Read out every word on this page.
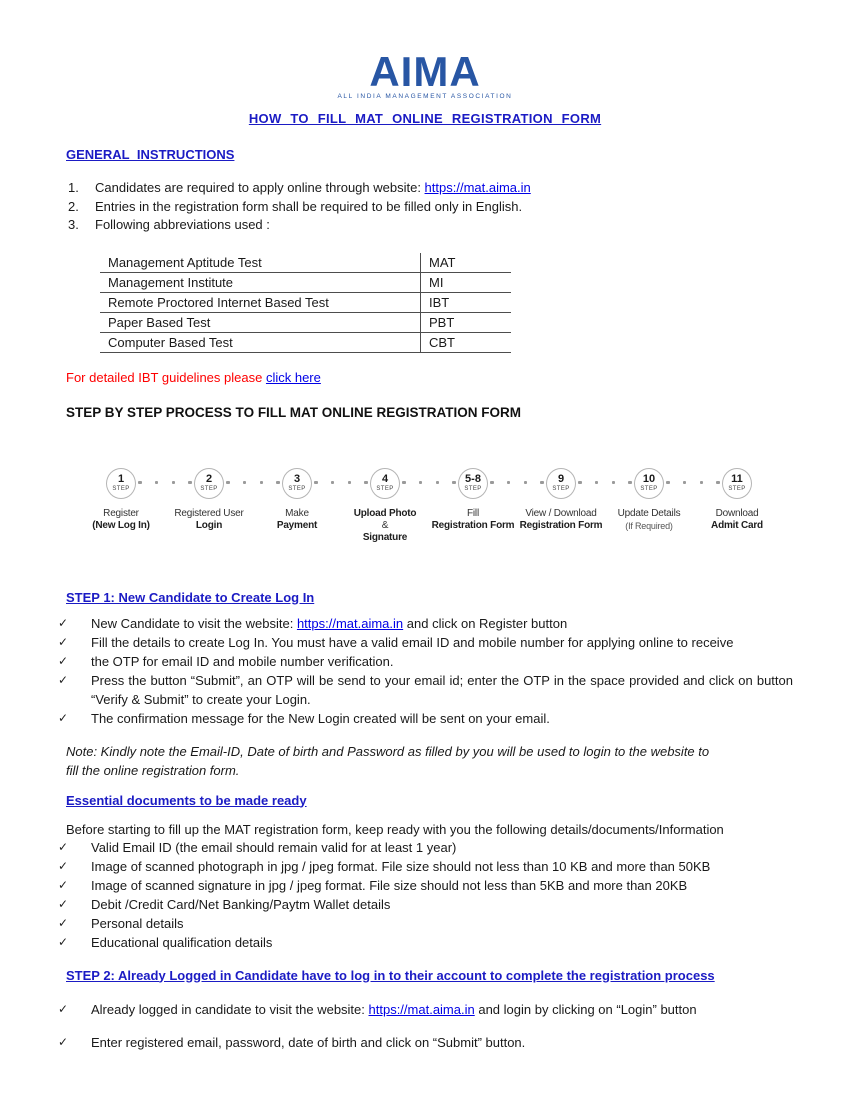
AIMA
ALL INDIA MANAGEMENT ASSOCIATION
HOW TO FILL MAT ONLINE REGISTRATION FORM
GENERAL INSTRUCTIONS
1.	Candidates are required to apply online through website: https://mat.aima.in
2.	Entries in the registration form shall be required to be filled only in English.
3.	Following abbreviations used :
Management Aptitude Test	MAT
Management Institute	MI
Remote Proctored Internet Based Test	IBT
Paper Based Test	PBT
Computer Based Test	CBT
For detailed IBT guidelines please click here
STEP BY STEP PROCESS TO FILL MAT ONLINE REGISTRATION FORM
1
STEP
Register
(New Log In)
2
STEP
Registered User
Login
3
STEP
Make
Payment
4
STEP
Upload Photo
&
Signature
5-8
STEP
Fill
Registration Form
9
STEP
View / Download
Registration Form
10
STEP
Update Details
(If Required)
11
STEP
Download
Admit Card
STEP 1: New Candidate to Create Log In
✓	New Candidate to visit the website: https://mat.aima.in and click on Register button
✓	Fill the details to create Log In. You must have a valid email ID and mobile number for applying online to receive
✓	the OTP for email ID and mobile number verification.
✓	Press the button “Submit”, an OTP will be send to your email id; enter the OTP in the space provided and click on button “Verify & Submit” to create your Login.
✓	The confirmation message for the New Login created will be sent on your email.
Note: Kindly note the Email-ID, Date of birth and Password as filled by you will be used to login to the website to fill the online registration form.
Essential documents to be made ready
Before starting to fill up the MAT registration form, keep ready with you the following details/documents/Information
✓	Valid Email ID (the email should remain valid for at least 1 year)
✓	Image of scanned photograph in jpg / jpeg format. File size should not less than 10 KB and more than 50KB
✓	Image of scanned signature in jpg / jpeg format. File size should not less than 5KB and more than 20KB
✓	Debit /Credit Card/Net Banking/Paytm Wallet details
✓	Personal details
✓	Educational qualification details
STEP 2: Already Logged in Candidate have to log in to their account to complete the registration process
✓	Already logged in candidate to visit the website: https://mat.aima.in and login by clicking on “Login” button
✓	Enter registered email, password, date of birth and click on “Submit” button.
